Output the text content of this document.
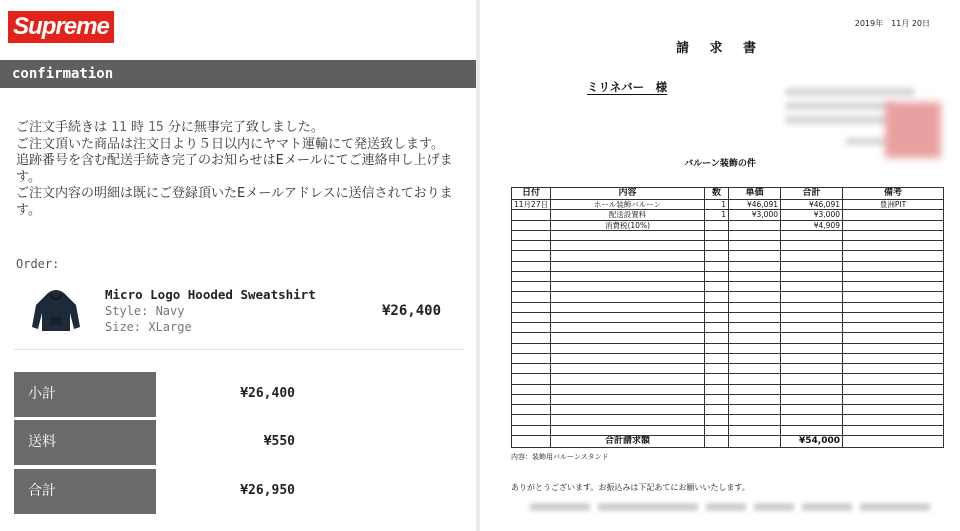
Supreme
confirmation
ご注文手続きは 11 時 15 分に無事完了致しました。
ご注文頂いた商品は注文日より５日以内にヤマト運輸にて発送致します。
追跡番号を含む配送手続き完了のお知らせはEメールにてご連絡申し上げます。
ご注文内容の明細は既にご登録頂いたEメールアドレスに送信されております。
Order:
Micro Logo Hooded Sweatshirt
Style: Navy
Size: XLarge
¥26,400
小計	¥26,400
送料	¥550
合計	¥26,950
2019年　11月 20日
請 求 書
ミリネバー　様
バルーン装飾の件
日付	内容	数	単価	合計	備考
11月27日	ホール装飾バルーン	1	¥46,091	¥46,091	豊洲PIT
	配送設置料	1	¥3,000	¥3,000	
	消費税(10%)			¥4,909	

	合計請求額			¥54,000	
内容：装飾用バルーンスタンド
ありがとうございます。お振込みは下記あてにお願いいたします。
